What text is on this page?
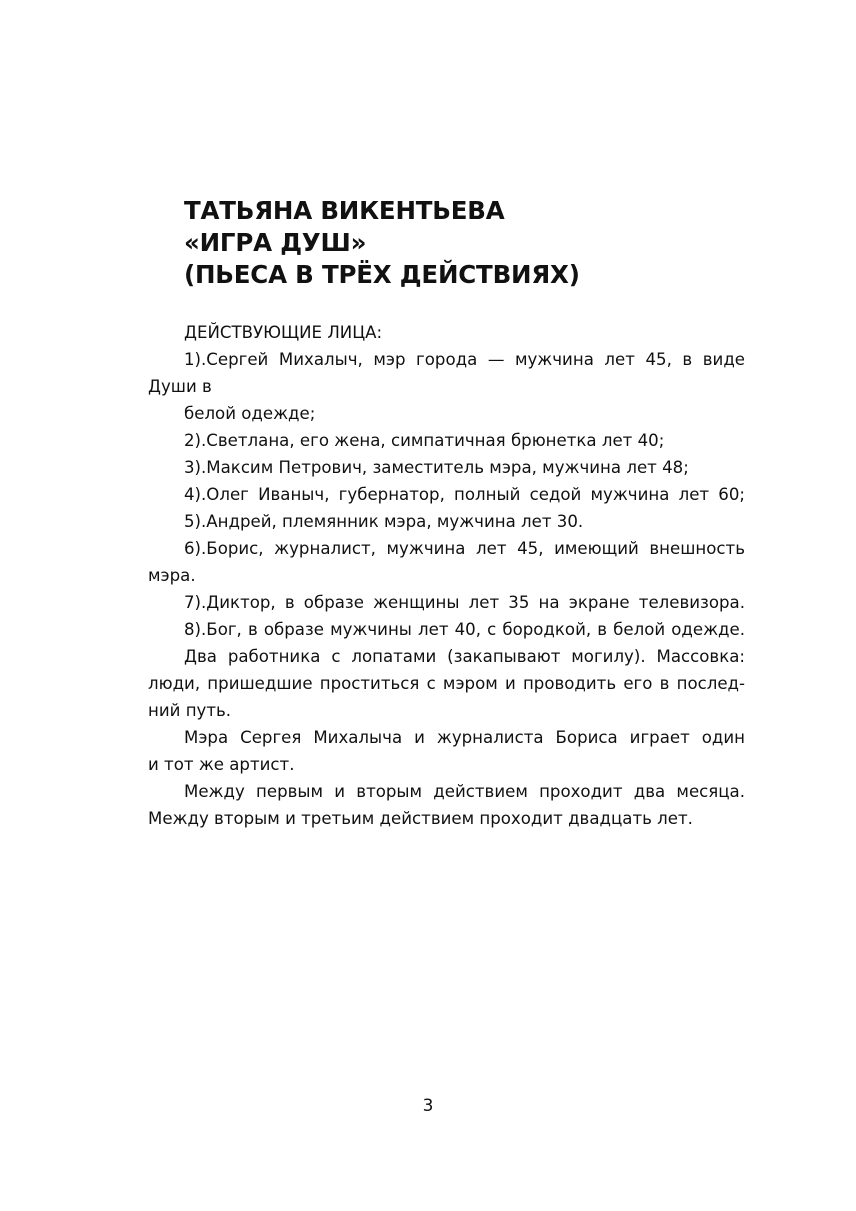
ТАТЬЯНА ВИКЕНТЬЕВА
«ИГРА ДУШ»
(ПЬЕСА В ТРЁХ ДЕЙСТВИЯХ)
ДЕЙСТВУЮЩИЕ ЛИЦА:
1).Сергей Михалыч, мэр города — мужчина лет 45, в виде
Души в
белой одежде;
2).Светлана, его жена, симпатичная брюнетка лет 40;
3).Максим Петрович, заместитель мэра, мужчина лет 48;
4).Олег Иваныч, губернатор, полный седой мужчина лет 60;
5).Андрей, племянник мэра, мужчина лет 30.
6).Борис, журналист, мужчина лет 45, имеющий внешность
мэра.
7).Диктор, в образе женщины лет 35 на экране телевизора.
8).Бог, в образе мужчины лет 40, с бородкой, в белой одежде.
Два работника с лопатами (закапывают могилу). Массовка:
люди, пришедшие проститься с мэром и проводить его в послед-
ний путь.
Мэра Сергея Михалыча и журналиста Бориса играет один
и тот же артист.
Между первым и вторым действием проходит два месяца.
Между вторым и третьим действием проходит двадцать лет.
3
